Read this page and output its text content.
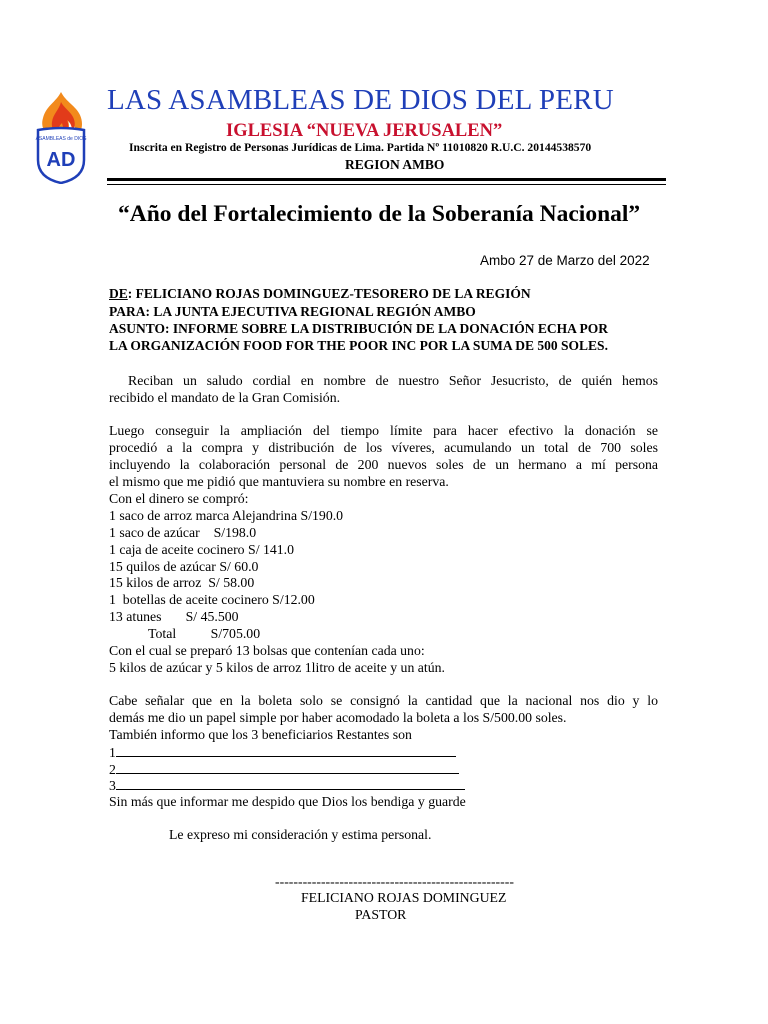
ASAMBLEAS de DIOS
AD
LAS ASAMBLEAS DE DIOS DEL PERU
IGLESIA “NUEVA JERUSALEN”
Inscrita en Registro de Personas Jurídicas de Lima. Partida Nº 11010820 R.U.C. 20144538570
REGION AMBO
“Año del Fortalecimiento de la Soberanía Nacional”
Ambo 27 de Marzo del 2022
DE: FELICIANO ROJAS DOMINGUEZ-TESORERO DE LA REGIÓN
PARA: LA JUNTA EJECUTIVA REGIONAL REGIÓN AMBO
ASUNTO: INFORME SOBRE LA DISTRIBUCIÓN DE LA DONACIÓN ECHA POR
LA ORGANIZACIÓN FOOD FOR THE POOR INC POR LA SUMA DE 500 SOLES.
Reciban un saludo cordial en nombre de nuestro Señor Jesucristo, de quién hemos
recibido el mandato de la Gran Comisión.
Luego conseguir la ampliación del tiempo límite para hacer efectivo la donación se
procedió a la compra y distribución de los víveres, acumulando un total de 700 soles
incluyendo la colaboración personal de 200 nuevos soles de un hermano a mí persona
el mismo que me pidió que mantuviera su nombre en reserva.
Con el dinero se compró:
1 saco de arroz marca Alejandrina S/190.0
1 saco de azúcar    S/198.0
1 caja de aceite cocinero S/ 141.0
15 quilos de azúcar S/ 60.0
15 kilos de arroz  S/ 58.00
1  botellas de aceite cocinero S/12.00
13 atunes       S/ 45.500
Total          S/705.00
Con el cual se preparó 13 bolsas que contenían cada uno:
5 kilos de azúcar y 5 kilos de arroz 1litro de aceite y un atún.
Cabe señalar que en la boleta solo se consignó la cantidad que la nacional nos dio y lo
demás me dio un papel simple por haber acomodado la boleta a los S/500.00 soles.
También informo que los 3 beneficiarios Restantes son
1
2
3
Sin más que informar me despido que Dios los bendiga y guarde
Le expreso mi consideración y estima personal.
----------------------------------------------------
FELICIANO ROJAS DOMINGUEZ
PASTOR
